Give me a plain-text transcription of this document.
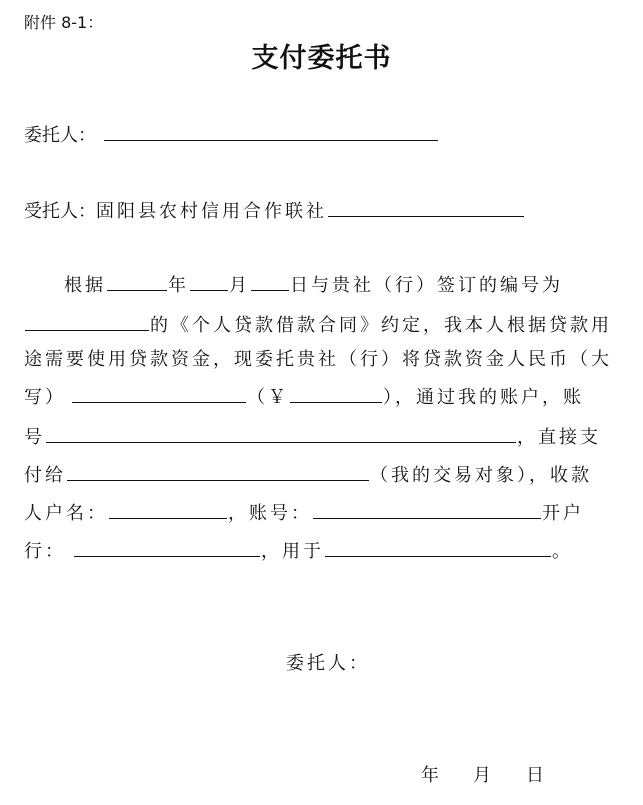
附件 8-1：
支付委托书
委托人：
受托人：固阳县农村信用合作联社
根据	年 月 日与贵社（行）签订的编号为
的《个人贷款借款合同》约定，我本人根据贷款用
途需要使用贷款资金，现委托贵社（行）将贷款资金人民币（大
写）	（￥	），通过我的账户，账
号	，直接支
付给	（我的交易对象），收款
人户名：	，账号：	开户
行：	，用于	。
委托人：
年 月 日
